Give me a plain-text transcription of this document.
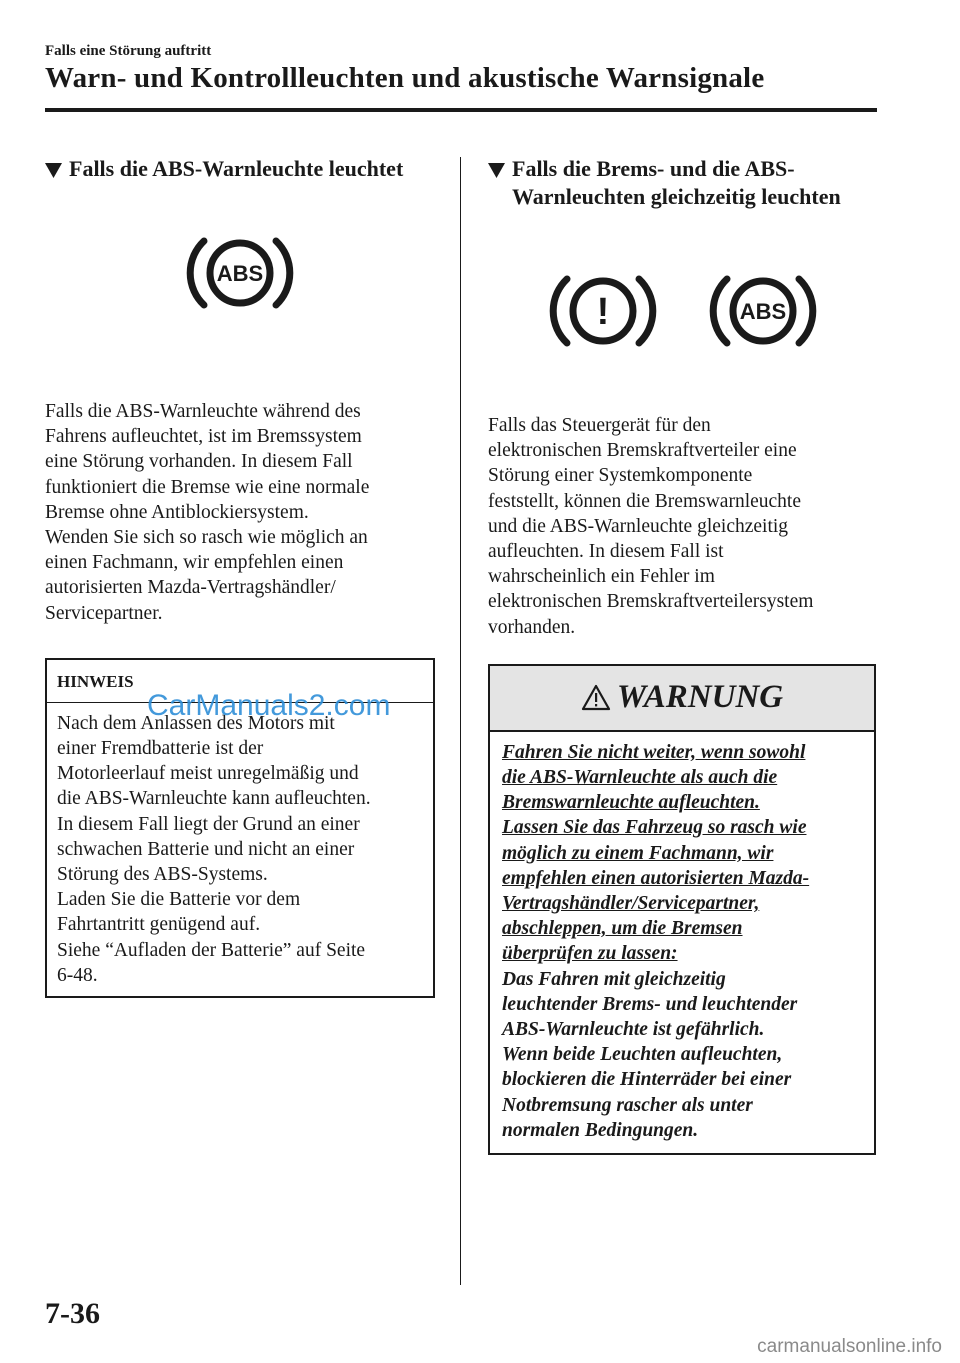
Falls eine Störung auftritt
Warn- und Kontrollleuchten und akustische Warnsignale
Falls die ABS-Warnleuchte leuchtet
ABS
Falls die ABS-Warnleuchte während des
Fahrens aufleuchtet, ist im Bremssystem
eine Störung vorhanden. In diesem Fall
funktioniert die Bremse wie eine normale
Bremse ohne Antiblockiersystem.
Wenden Sie sich so rasch wie möglich an
einen Fachmann, wir empfehlen einen
autorisierten Mazda-Vertragshändler/
Servicepartner.
HINWEIS
Nach dem Anlassen des Motors mit
einer Fremdbatterie ist der
Motorleerlauf meist unregelmäßig und
die ABS-Warnleuchte kann aufleuchten.
In diesem Fall liegt der Grund an einer
schwachen Batterie und nicht an einer
Störung des ABS-Systems.
Laden Sie die Batterie vor dem
Fahrtantritt genügend auf.
Siehe “Aufladen der Batterie” auf Seite
6-48.
Falls die Brems- und die ABS-
Warnleuchten gleichzeitig leuchten
!	ABS
Falls das Steuergerät für den
elektronischen Bremskraftverteiler eine
Störung einer Systemkomponente
feststellt, können die Bremswarnleuchte
und die ABS-Warnleuchte gleichzeitig
aufleuchten. In diesem Fall ist
wahrscheinlich ein Fehler im
elektronischen Bremskraftverteilersystem
vorhanden.
WARNUNG
Fahren Sie nicht weiter, wenn sowohl
die ABS-Warnleuchte als auch die
Bremswarnleuchte aufleuchten.
Lassen Sie das Fahrzeug so rasch wie
möglich zu einem Fachmann, wir
empfehlen einen autorisierten Mazda-
Vertragshändler/Servicepartner,
abschleppen, um die Bremsen
überprüfen zu lassen:
Das Fahren mit gleichzeitig
leuchtender Brems- und leuchtender
ABS-Warnleuchte ist gefährlich.
Wenn beide Leuchten aufleuchten,
blockieren die Hinterräder bei einer
Notbremsung rascher als unter
normalen Bedingungen.
CarManuals2.com
7-36
carmanualsonline.info
